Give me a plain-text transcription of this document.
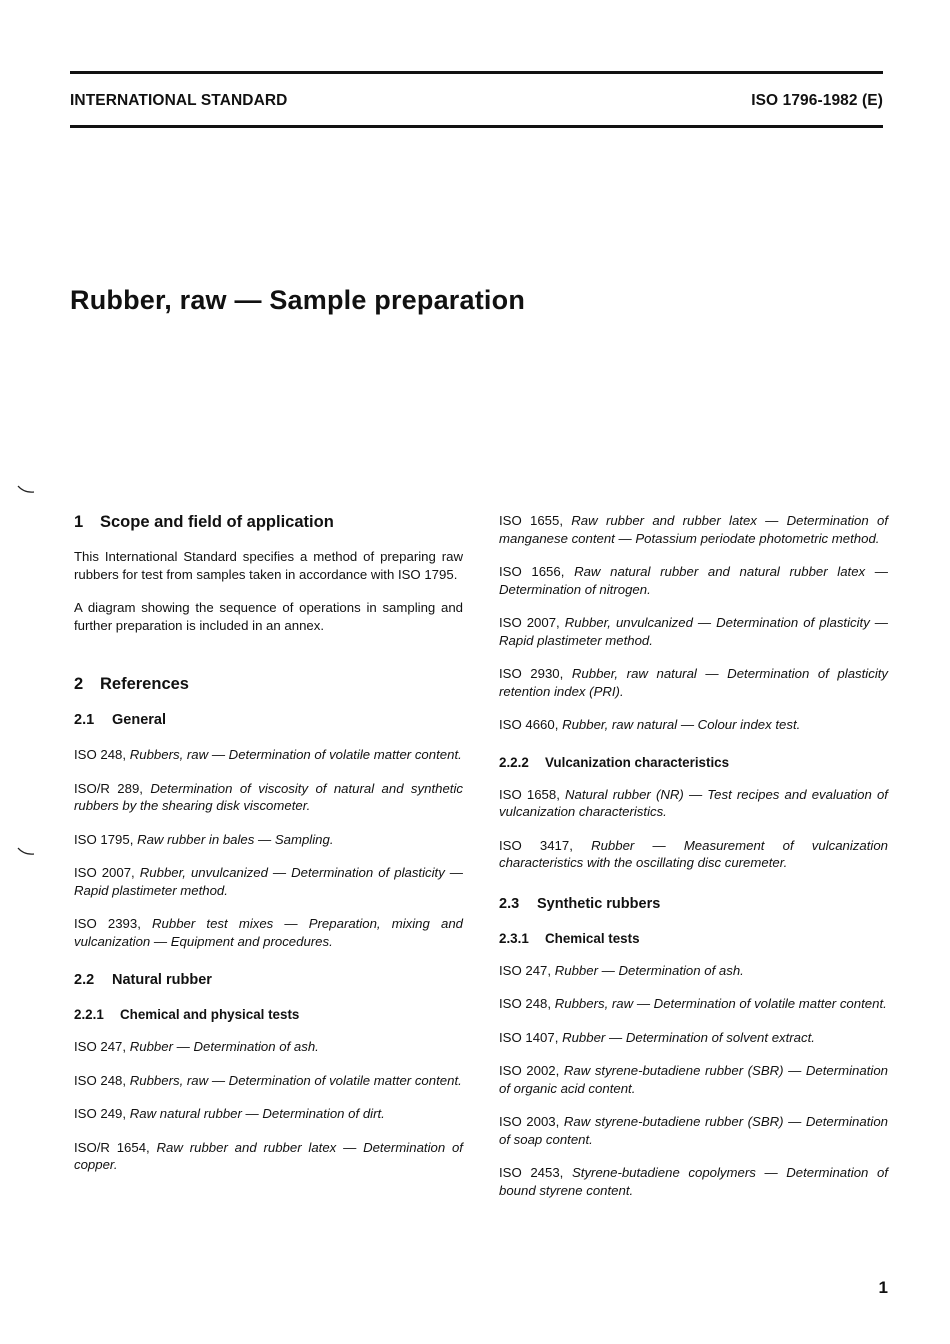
INTERNATIONAL STANDARD	ISO 1796-1982 (E)
Rubber, raw — Sample preparation
1 Scope and field of application

This International Standard specifies a method of preparing raw rubbers for test from samples taken in accordance with ISO 1795.

A diagram showing the sequence of operations in sampling and further preparation is included in an annex.

2 References
2.1 General
ISO 248, Rubbers, raw — Determination of volatile matter content.
ISO/R 289, Determination of viscosity of natural and synthetic rubbers by the shearing disk viscometer.
ISO 1795, Raw rubber in bales — Sampling.
ISO 2007, Rubber, unvulcanized — Determination of plasticity — Rapid plastimeter method.
ISO 2393, Rubber test mixes — Preparation, mixing and vulcanization — Equipment and procedures.
2.2 Natural rubber
2.2.1 Chemical and physical tests
ISO 247, Rubber — Determination of ash.
ISO 248, Rubbers, raw — Determination of volatile matter content.
ISO 249, Raw natural rubber — Determination of dirt.
ISO/R 1654, Raw rubber and rubber latex — Determination of copper.
ISO 1655, Raw rubber and rubber latex — Determination of manganese content — Potassium periodate photometric method.
ISO 1656, Raw natural rubber and natural rubber latex — Determination of nitrogen.
ISO 2007, Rubber, unvulcanized — Determination of plasticity — Rapid plastimeter method.
ISO 2930, Rubber, raw natural — Determination of plasticity retention index (PRI).
ISO 4660, Rubber, raw natural — Colour index test.
2.2.2 Vulcanization characteristics
ISO 1658, Natural rubber (NR) — Test recipes and evaluation of vulcanization characteristics.
ISO 3417, Rubber — Measurement of vulcanization characteristics with the oscillating disc curemeter.
2.3 Synthetic rubbers
2.3.1 Chemical tests
ISO 247, Rubber — Determination of ash.
ISO 248, Rubbers, raw — Determination of volatile matter content.
ISO 1407, Rubber — Determination of solvent extract.
ISO 2002, Raw styrene-butadiene rubber (SBR) — Determination of organic acid content.
ISO 2003, Raw styrene-butadiene rubber (SBR) — Determination of soap content.
ISO 2453, Styrene-butadiene copolymers — Determination of bound styrene content.
1
